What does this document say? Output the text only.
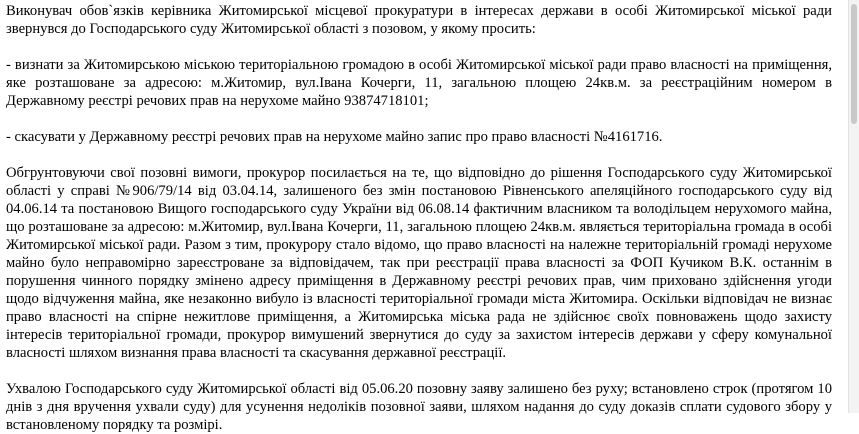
Виконувач обов`язків керівника Житомирської місцевої прокуратури в інтересах держави в особі Житомирської міської ради звернувся до Господарського суду Житомирської області з позовом, у якому просить:

- визнати за Житомирською міською територіальною громадою в особі Житомирської міської ради право власності на приміщення, яке розташоване за адресою: м.Житомир, вул.Івана Кочерги, 11, загальною площею 24кв.м. за реєстраційним номером в Державному реєстрі речових прав на нерухоме майно 93874718101;

- скасувати у Державному реєстрі речових прав на нерухоме майно запис про право власності №4161716.

Обгрунтовуючи свої позовні вимоги, прокурор посилається на те, що відповідно до рішення Господарського суду Житомирської області у справі №906/79/14 від 03.04.14, залишеного без змін постановою Рівненського апеляційного господарського суду від 04.06.14 та постановою Вищого господарського суду України від 06.08.14 фактичним власником та володільцем нерухомого майна, що розташоване за адресою: м.Житомир, вул.Івана Кочерги, 11, загальною площею 24кв.м. являється територіальна громада в особі Житомирської міської ради. Разом з тим, прокурору стало відомо, що право власності на належне територіальній громаді нерухоме майно було неправомірно зареєстроване за відповідачем, так при реєстрації права власності за ФОП Кучиком В.К. останнім в порушення чинного порядку змінено адресу приміщення в Державному реєстрі речових прав, чим приховано здійснення угоди щодо відчуження майна, яке незаконно вибуло із власності територіальної громади міста Житомира. Оскільки відповідач не визнає право власності на спірне нежитлове приміщення, а Житомирська міська рада не здійснює своїх повноважень щодо захисту інтересів територіальної громади, прокурор вимушений звернутися до суду за захистом інтересів держави у сферу комунальної власності шляхом визнання права власності та скасування державної реєстрації.

Ухвалою Господарського суду Житомирської області від 05.06.20 позовну заяву залишено без руху; встановлено строк (протягом 10 днів з дня вручення ухвали суду) для усунення недоліків позовної заяви, шляхом надання до суду доказів сплати судового збору у встановленому порядку та розмірі.
